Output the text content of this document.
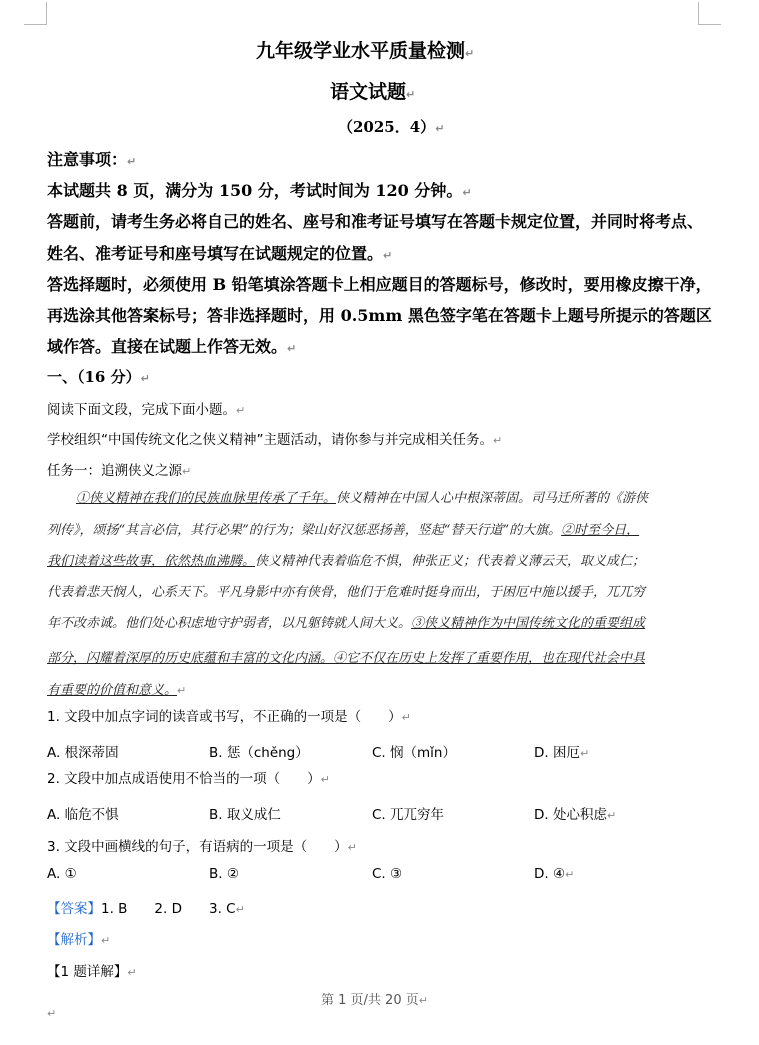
九年级学业水平质量检测↵
语文试题↵
（2025．4）↵
注意事项：↵
本试题共 8 页，满分为 150 分，考试时间为 120 分钟。↵
答题前，请考生务必将自己的姓名、座号和准考证号填写在答题卡规定位置，并同时将考点、
姓名、准考证号和座号填写在试题规定的位置。↵
答选择题时，必须使用 B 铅笔填涂答题卡上相应题目的答题标号，修改时，要用橡皮擦干净，
再选涂其他答案标号；答非选择题时，用 0.5mm 黑色签字笔在答题卡上题号所提示的答题区
域作答。直接在试题上作答无效。↵
一、（16 分）↵
阅读下面文段，完成下面小题。↵
学校组织“中国传统文化之侠义精神”主题活动，请你参与并完成相关任务。↵
任务一：追溯侠义之源↵
①侠义精神在我们的民族血脉里传承了千年。侠义精神在中国人心中根深蒂固。司马迁所著的《游侠
列传》，颂扬“其言必信，其行必果”的行为；梁山好汉惩恶扬善，竖起“替天行道”的大旗。②时至今日，
我们读着这些故事，依然热血沸腾。侠义精神代表着临危不惧，伸张正义；代表着义薄云天，取义成仁；
代表着悲天悯人，心系天下。平凡身影中亦有侠骨，他们于危难时挺身而出，于困厄中施以援手，兀兀穷
年不改赤诚。他们处心积虑地守护弱者，以凡躯铸就人间大义。③侠义精神作为中国传统文化的重要组成
部分，闪耀着深厚的历史底蕴和丰富的文化内涵。④它不仅在历史上发挥了重要作用，也在现代社会中具
有重要的价值和意义。↵
1. 文段中加点字词的读音或书写，不正确的一项是（　　）↵
A. 根深蒂固	B. 惩（chěng）	C. 悯（mǐn）	D. 困厄↵
2. 文段中加点成语使用不恰当的一项（　　）↵
A. 临危不惧	B. 取义成仁	C. 兀兀穷年	D. 处心积虑↵
3. 文段中画横线的句子，有语病的一项是（　　）↵
A. ①	B. ②	C. ③	D. ④↵
【答案】1. B　　2. D　　3. C↵
【解析】↵
【1 题详解】↵
第 1 页/共 20 页↵
↵
